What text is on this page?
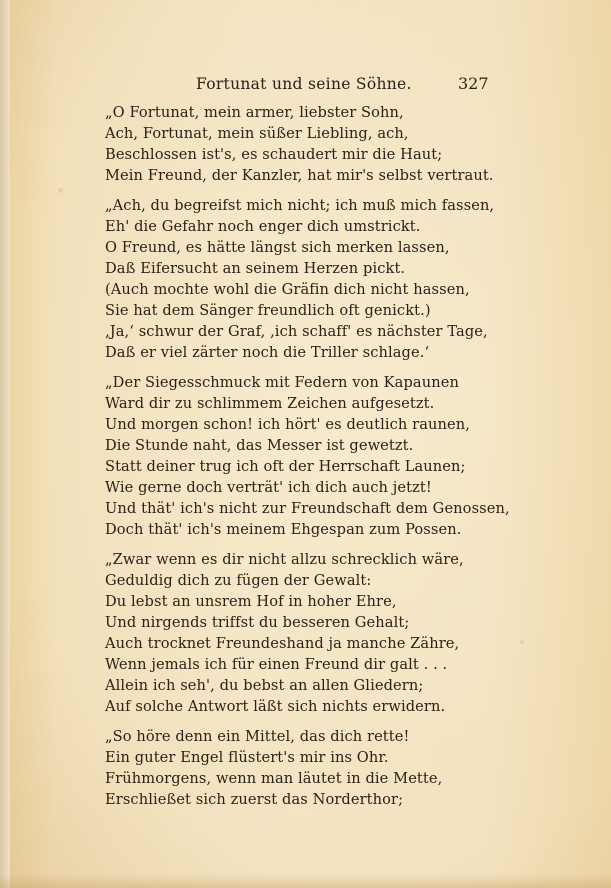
Fortunat und seine Söhne.	327
„O Fortunat, mein armer, liebster Sohn,
Ach, Fortunat, mein süßer Liebling, ach,
Beschlossen ist's, es schaudert mir die Haut;
Mein Freund, der Kanzler, hat mir's selbst vertraut.
„Ach, du begreifst mich nicht; ich muß mich fassen,
Eh' die Gefahr noch enger dich umstrickt.
O Freund, es hätte längst sich merken lassen,
Daß Eifersucht an seinem Herzen pickt.
(Auch mochte wohl die Gräfin dich nicht hassen,
Sie hat dem Sänger freundlich oft genickt.)
‚Ja,‘ schwur der Graf, ‚ich schaff' es nächster Tage,
Daß er viel zärter noch die Triller schlage.‘
„Der Siegesschmuck mit Federn von Kapaunen
Ward dir zu schlimmem Zeichen aufgesetzt.
Und morgen schon! ich hört' es deutlich raunen,
Die Stunde naht, das Messer ist gewetzt.
Statt deiner trug ich oft der Herrschaft Launen;
Wie gerne doch verträt' ich dich auch jetzt!
Und thät' ich's nicht zur Freundschaft dem Genossen,
Doch thät' ich's meinem Ehgespan zum Possen.
„Zwar wenn es dir nicht allzu schrecklich wäre,
Geduldig dich zu fügen der Gewalt:
Du lebst an unsrem Hof in hoher Ehre,
Und nirgends triffst du besseren Gehalt;
Auch trocknet Freundeshand ja manche Zähre,
Wenn jemals ich für einen Freund dir galt . . .
Allein ich seh', du bebst an allen Gliedern;
Auf solche Antwort läßt sich nichts erwidern.
„So höre denn ein Mittel, das dich rette!
Ein guter Engel flüstert's mir ins Ohr.
Frühmorgens, wenn man läutet in die Mette,
Erschließet sich zuerst das Norderthor;
